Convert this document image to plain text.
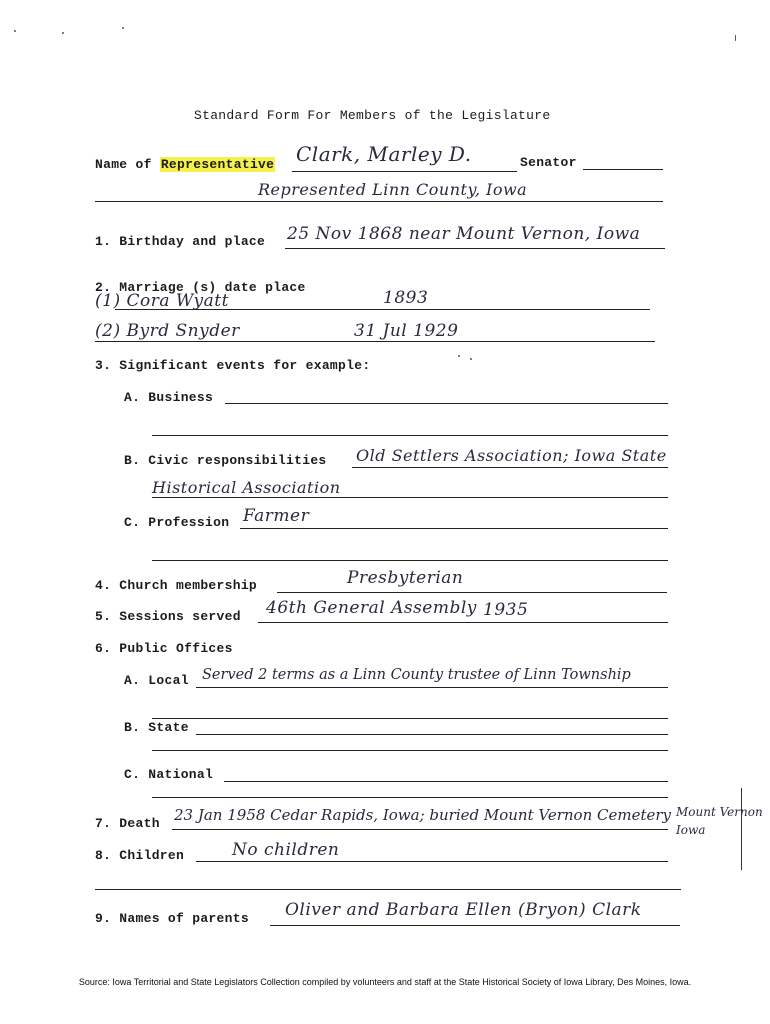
Standard Form For Members of the Legislature
Name of Representative Clark, Marley D.	Senator
Represented Linn County, Iowa
1. Birthday and place 25 Nov 1868 near Mount Vernon, Iowa
2. Marriage (s) date place
(1) Cora Wyatt	1893
(2) Byrd Snyder	31 Jul 1929
3. Significant events for example:
A. Business
B. Civic responsibilities Old Settlers Association; Iowa State
Historical Association
C. Profession Farmer
4. Church membership	Presbyterian
5. Sessions served 46th General Assembly 1935
6. Public Offices
A. Local Served 2 terms as a Linn County trustee of Linn Township
B. State
C. National
7. Death 23 Jan 1958 Cedar Rapids, Iowa; buried Mount Vernon Cemetery Mount Vernon Iowa
8. Children	No children
9. Names of parents Oliver and Barbara Ellen (Bryon) Clark
Source: Iowa Territorial and State Legislators Collection compiled by volunteers and staff at the State Historical Society of Iowa Library, Des Moines, Iowa.
